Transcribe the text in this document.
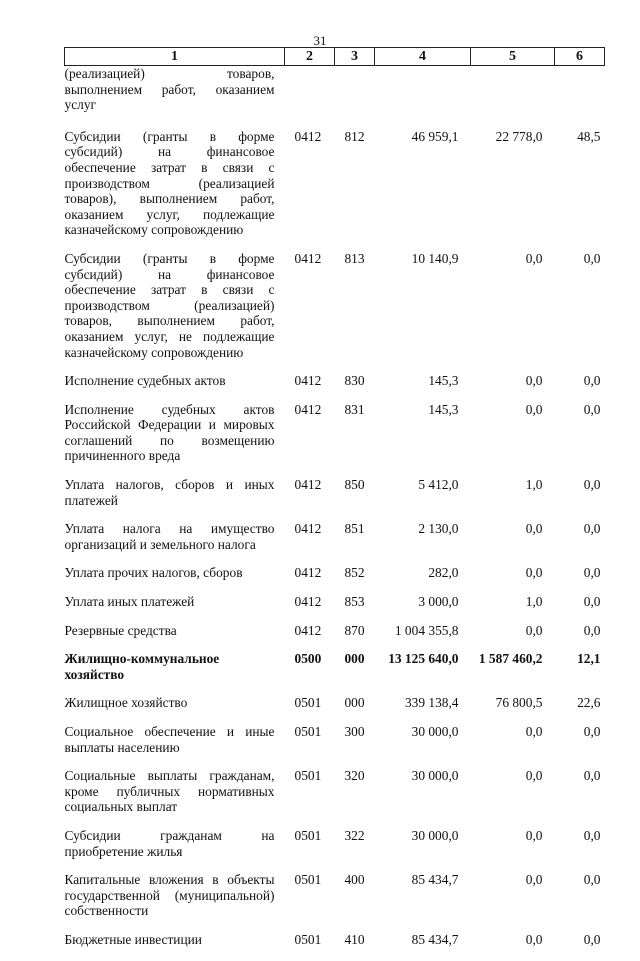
31
1	2	3	4	5	6
(реализацией) товаров, выполнением работ, оказанием услуг					
Субсидии (гранты в форме субсидий) на финансовое обеспечение затрат в связи с производством (реализацией товаров), выполнением работ, оказанием услуг, подлежащие казначейскому сопровождению	0412	812	46 959,1	22 778,0	48,5
Субсидии (гранты в форме субсидий) на финансовое обеспечение затрат в связи с производством (реализацией) товаров, выполнением работ, оказанием услуг, не подлежащие казначейскому сопровождению	0412	813	10 140,9	0,0	0,0
Исполнение судебных актов	0412	830	145,3	0,0	0,0
Исполнение судебных актов Российской Федерации и мировых соглашений по возмещению причиненного вреда	0412	831	145,3	0,0	0,0
Уплата налогов, сборов и иных платежей	0412	850	5 412,0	1,0	0,0
Уплата налога на имущество организаций и земельного налога	0412	851	2 130,0	0,0	0,0
Уплата прочих налогов, сборов	0412	852	282,0	0,0	0,0
Уплата иных платежей	0412	853	3 000,0	1,0	0,0
Резервные средства	0412	870	1 004 355,8	0,0	0,0
Жилищно-коммунальное хозяйство	0500	000	13 125 640,0	1 587 460,2	12,1
Жилищное хозяйство	0501	000	339 138,4	76 800,5	22,6
Социальное обеспечение и иные выплаты населению	0501	300	30 000,0	0,0	0,0
Социальные выплаты гражданам, кроме публичных нормативных социальных выплат	0501	320	30 000,0	0,0	0,0
Субсидии гражданам на приобретение жилья	0501	322	30 000,0	0,0	0,0
Капитальные вложения в объекты государственной (муниципальной) собственности	0501	400	85 434,7	0,0	0,0
Бюджетные инвестиции	0501	410	85 434,7	0,0	0,0
